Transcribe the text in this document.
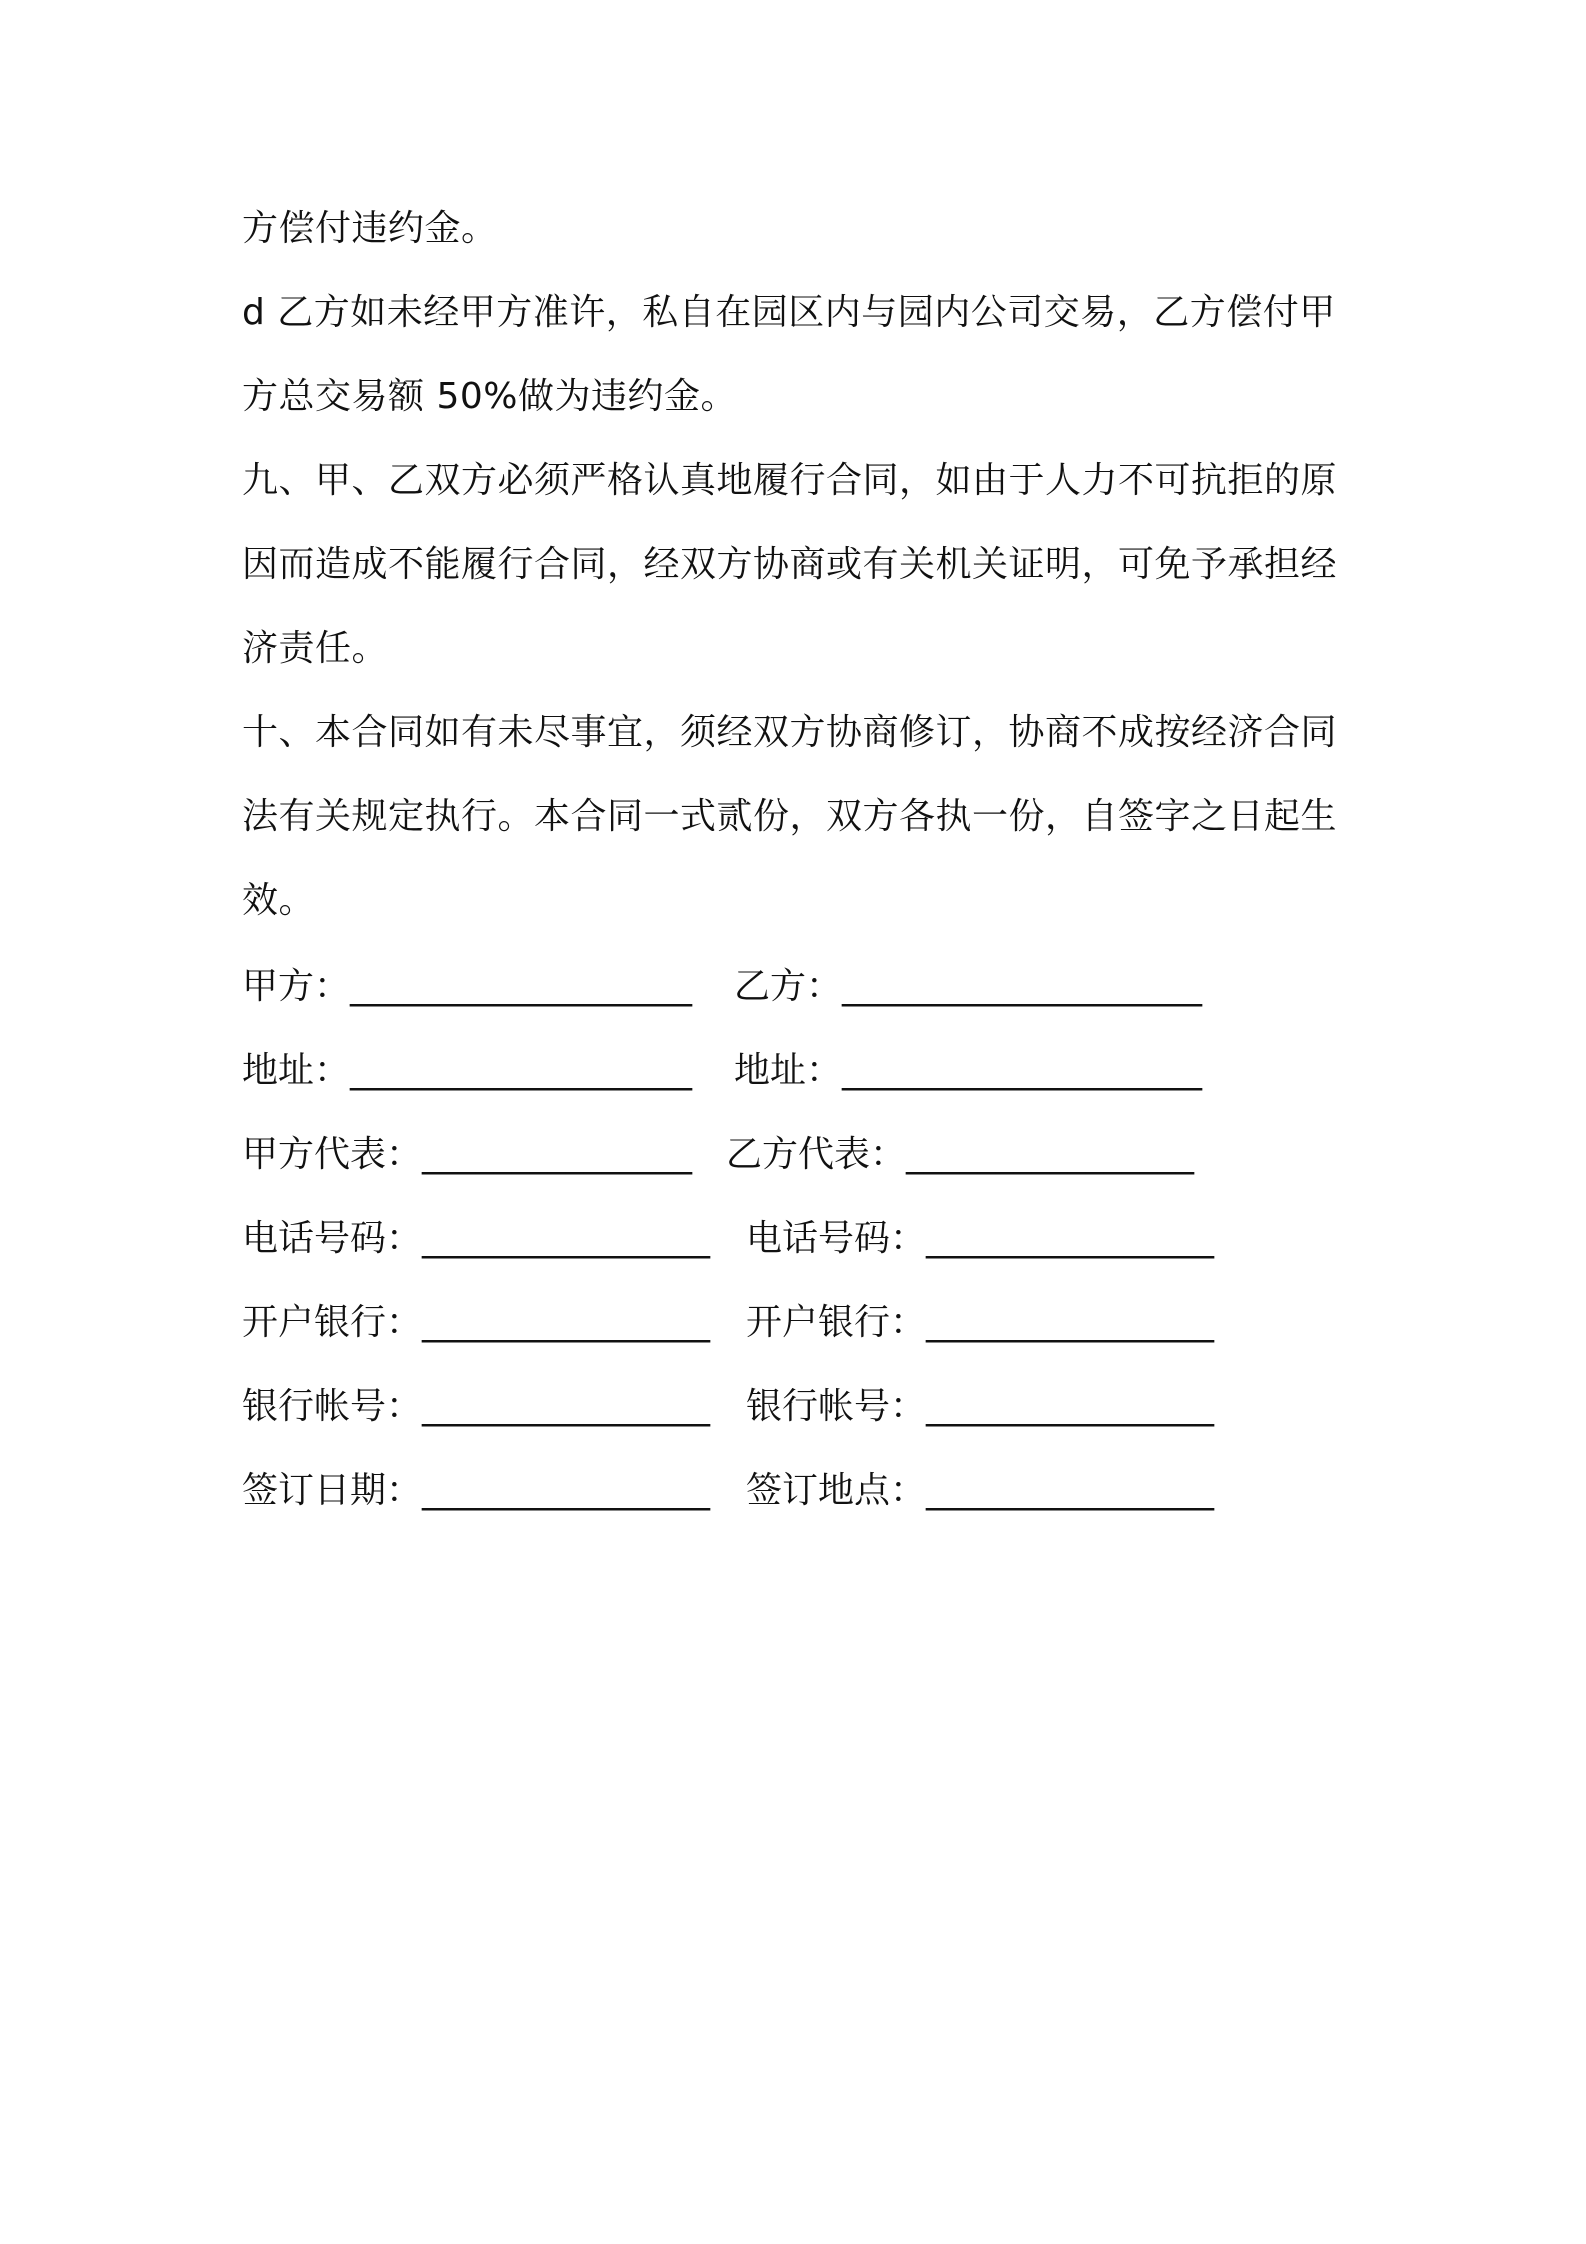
方偿付违约金。
d 乙方如未经甲方准许，私自在园区内与园内公司交易，乙方偿付甲
方总交易额 50%做为违约金。
九、甲、乙双方必须严格认真地履行合同，如由于人力不可抗拒的原
因而造成不能履行合同，经双方协商或有关机关证明，可免予承担经
济责任。
十、本合同如有未尽事宜，须经双方协商修订，协商不成按经济合同
法有关规定执行。本合同一式贰份，双方各执一份，自签字之日起生
效。

甲方：___________________

乙方：____________________

地址：___________________

地址：____________________

甲方代表：_______________

乙方代表：________________

电话号码：________________

电话号码：________________

开户银行：________________

开户银行：________________

银行帐号：________________

银行帐号：________________

签订日期：________________

签订地点：________________
